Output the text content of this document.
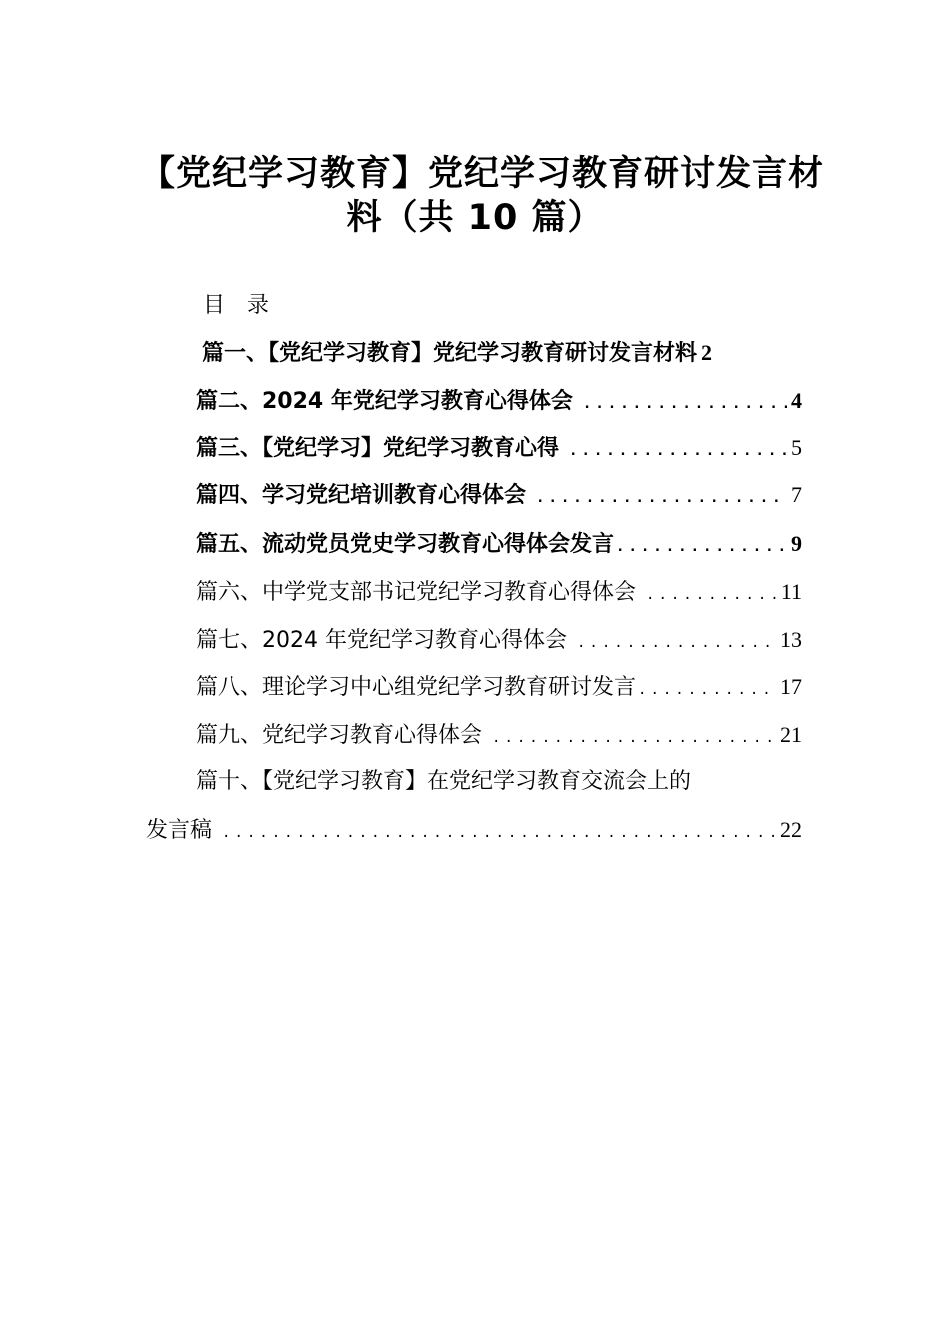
【党纪学习教育】党纪学习教育研讨发言材
料（共 10 篇）
目　录
篇一、【党纪学习教育】党纪学习教育研讨发言材料 2
篇二、2024 年党纪学习教育心得体会 .....	4
篇三、【党纪学习】党纪学习教育心得 .....	5
篇四、学习党纪培训教育心得体会 .....	7
篇五、流动党员党史学习教育心得体会发言 .....	9
篇六、中学党支部书记党纪学习教育心得体会 .....	11
篇七、2024 年党纪学习教育心得体会 .....	13
篇八、理论学习中心组党纪学习教育研讨发言 .....	17
篇九、党纪学习教育心得体会 .....	21
篇十、【党纪学习教育】在党纪学习教育交流会上的
发言稿 .....	22
